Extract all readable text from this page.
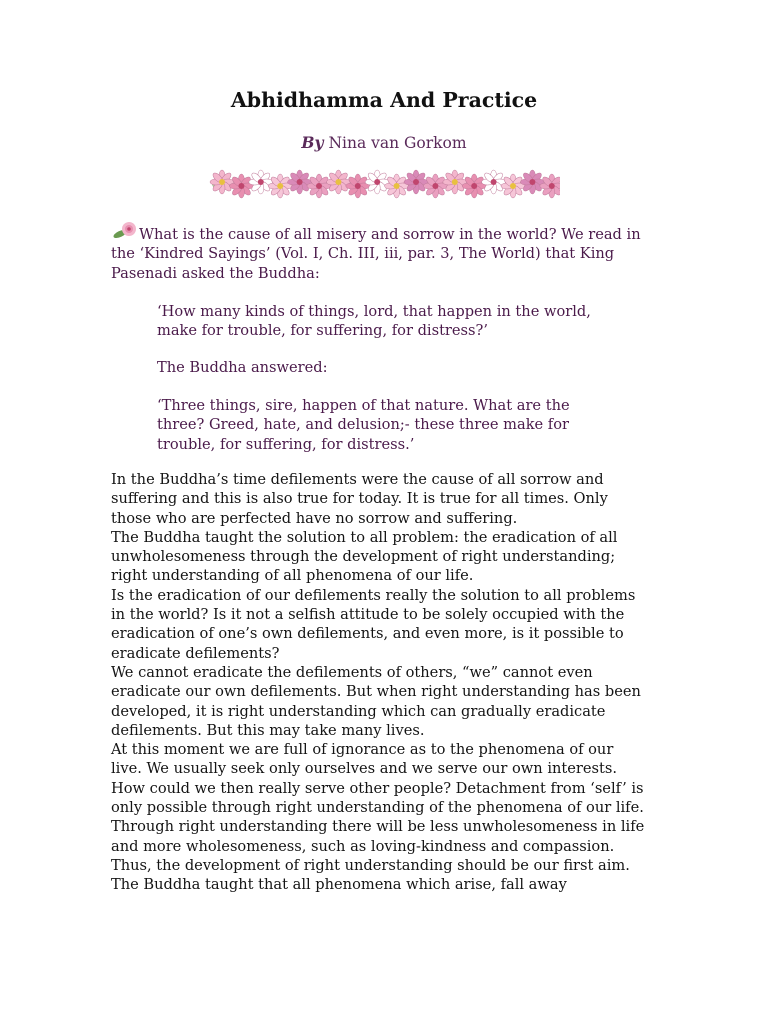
Abhidhamma And Practice
By Nina van Gorkom
What is the cause of all misery and sorrow in the world? We read in
the ‘Kindred Sayings’ (Vol. I, Ch. III, iii, par. 3, The World) that King
Pasenadi asked the Buddha:
‘How many kinds of things, lord, that happen in the world,
make for trouble, for suffering, for distress?’
The Buddha answered:
‘Three things, sire, happen of that nature. What are the
three? Greed, hate, and delusion;- these three make for
trouble, for suffering, for distress.’
In the Buddha’s time defilements were the cause of all sorrow and
suffering and this is also true for today. It is true for all times. Only
those who are perfected have no sorrow and suffering.
The Buddha taught the solution to all problem: the eradication of all
unwholesomeness through the development of right understanding;
right understanding of all phenomena of our life.
Is the eradication of our defilements really the solution to all problems
in the world? Is it not a selfish attitude to be solely occupied with the
eradication of one’s own defilements, and even more, is it possible to
eradicate defilements?
We cannot eradicate the defilements of others, “we” cannot even
eradicate our own defilements. But when right understanding has been
developed, it is right understanding which can gradually eradicate
defilements. But this may take many lives.
At this moment we are full of ignorance as to the phenomena of our
live. We usually seek only ourselves and we serve our own interests.
How could we then really serve other people? Detachment from ‘self’ is
only possible through right understanding of the phenomena of our life.
Through right understanding there will be less unwholesomeness in life
and more wholesomeness, such as loving-kindness and compassion.
Thus, the development of right understanding should be our first aim.
The Buddha taught that all phenomena which arise, fall away
